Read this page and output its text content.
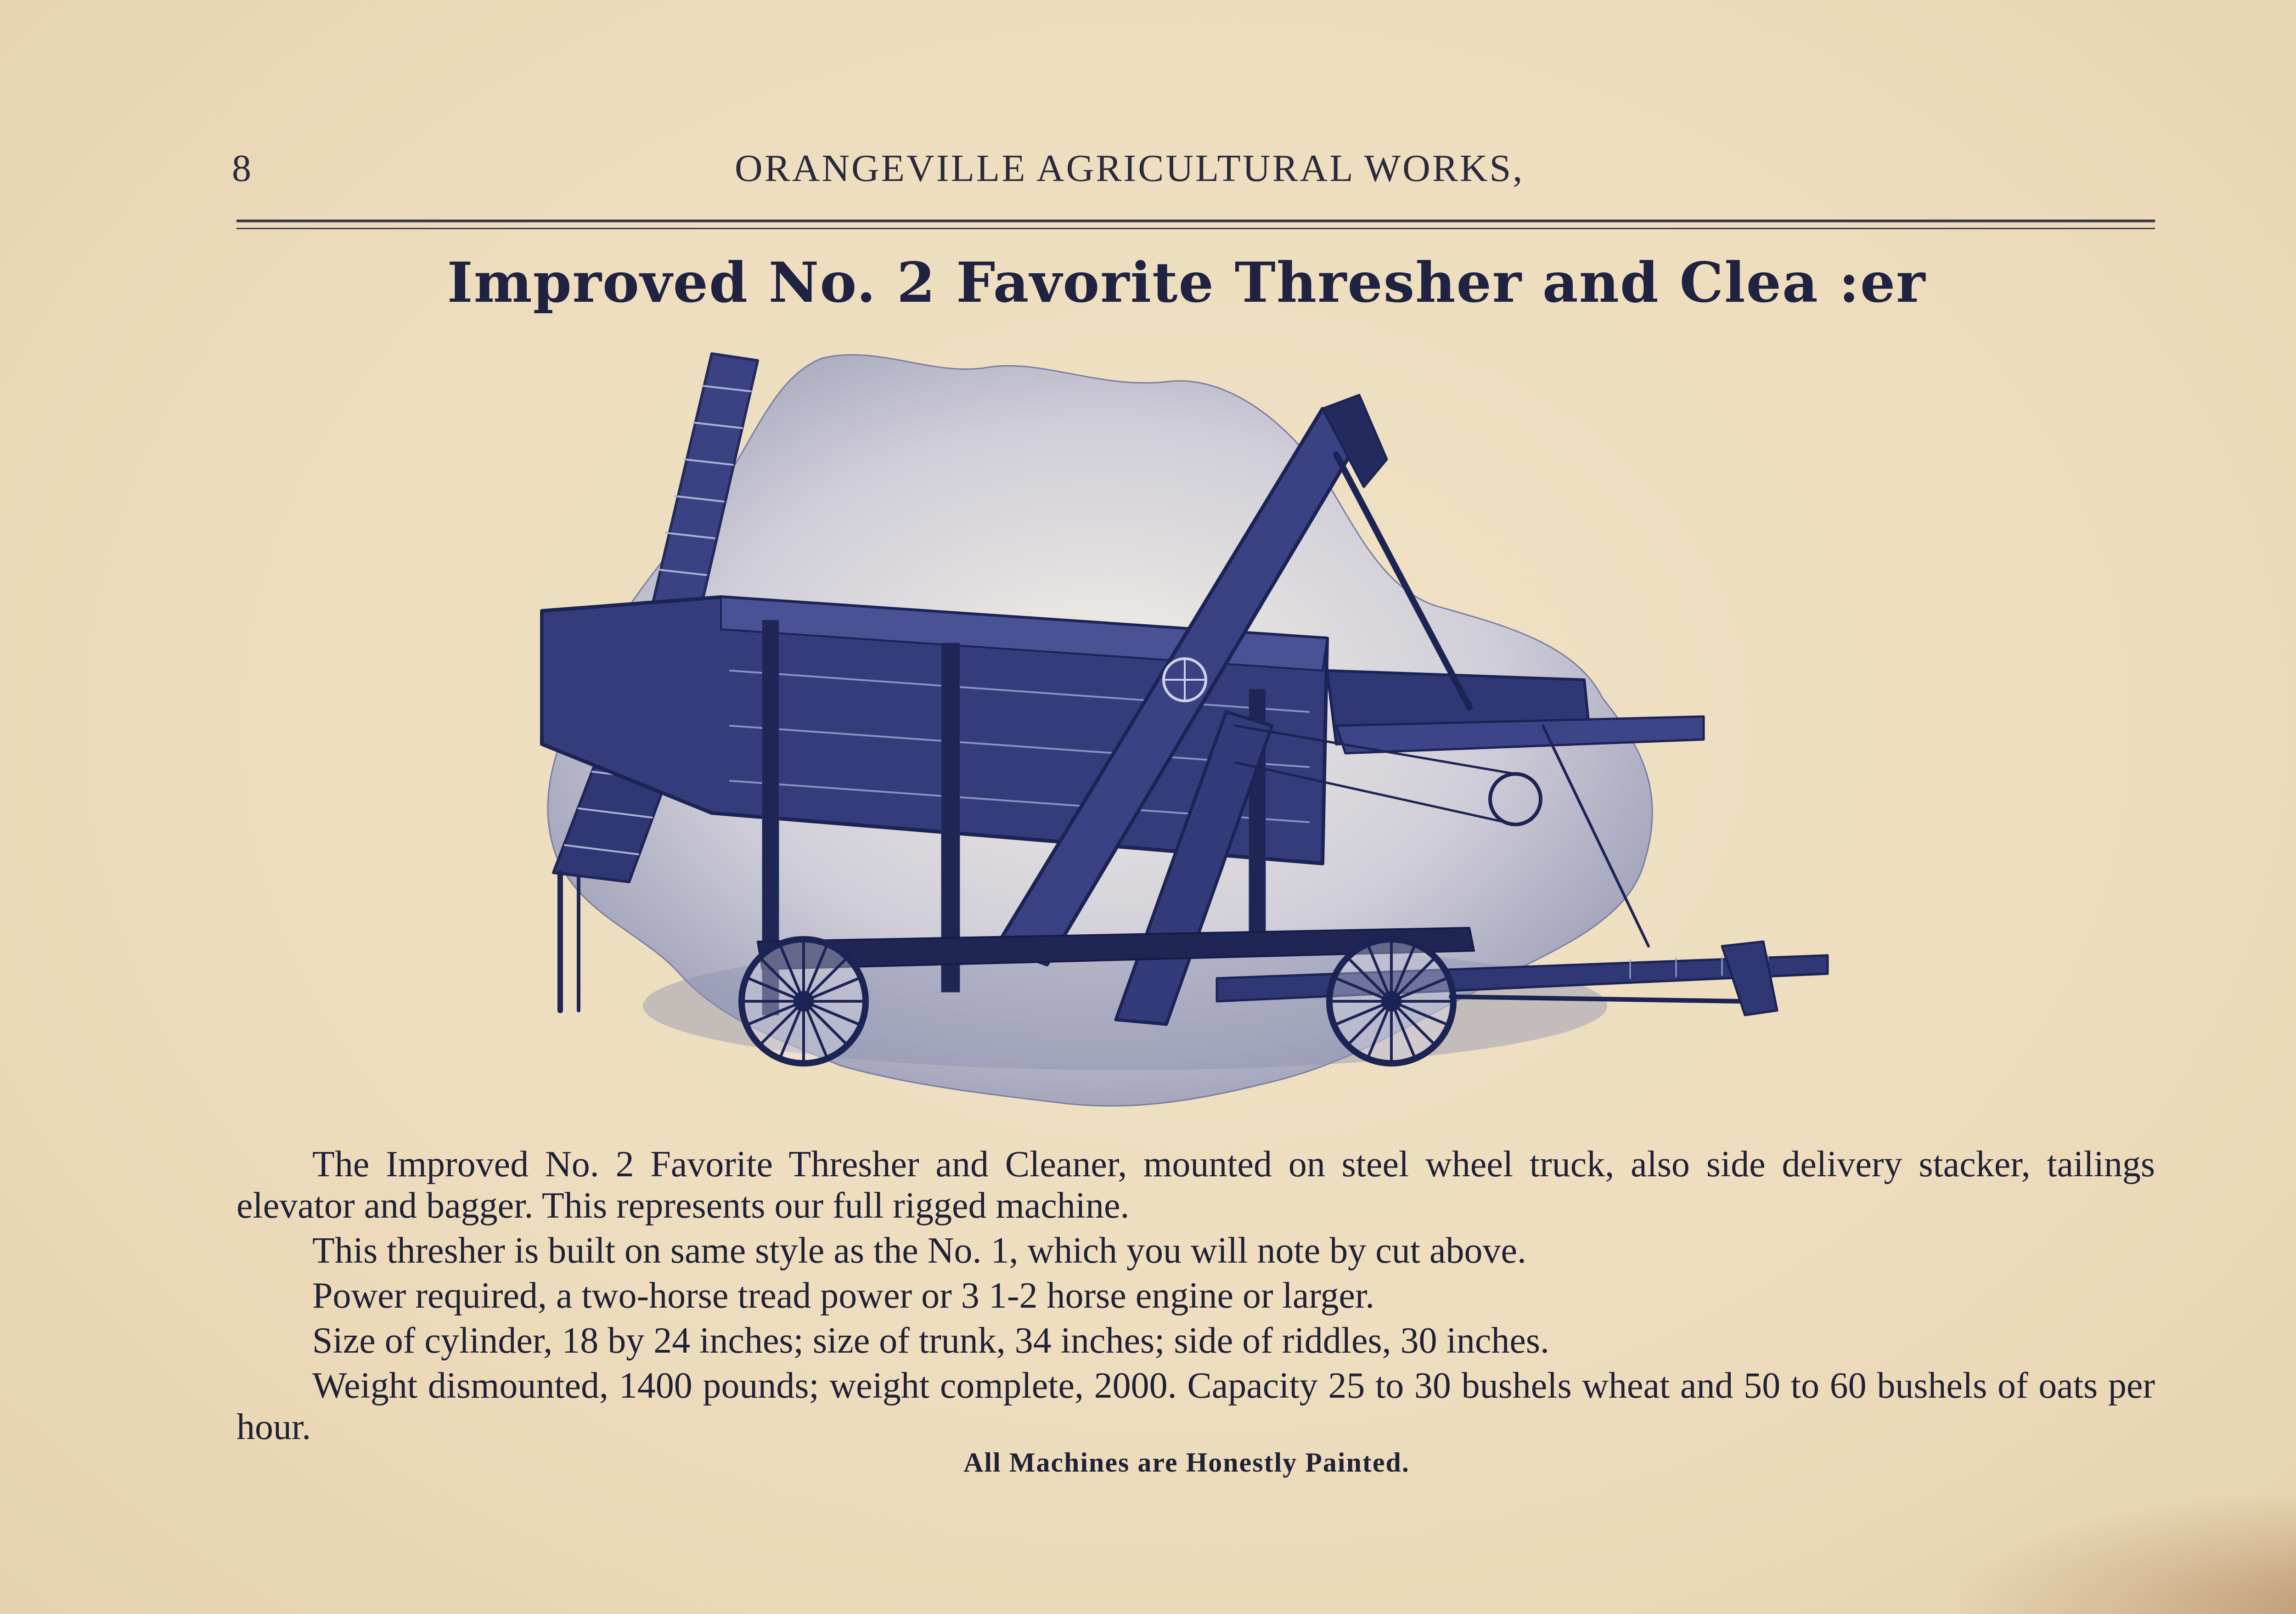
8	ORANGEVILLE AGRICULTURAL WORKS,
Improved No. 2 Favorite Thresher and Clea :er

The Improved No. 2 Favorite Thresher and Cleaner, mounted on steel wheel truck, also side delivery stacker, tailings elevator and bagger. This represents our full rigged machine.

This thresher is built on same style as the No. 1, which you will note by cut above.

Power required, a two-horse tread power or 3 1-2 horse engine or larger.

Size of cylinder, 18 by 24 inches; size of trunk, 34 inches; side of riddles, 30 inches.

Weight dismounted, 1400 pounds; weight complete, 2000. Capacity 25 to 30 bushels wheat and 50 to 60 bushels of oats per hour.

All Machines are Honestly Painted.
